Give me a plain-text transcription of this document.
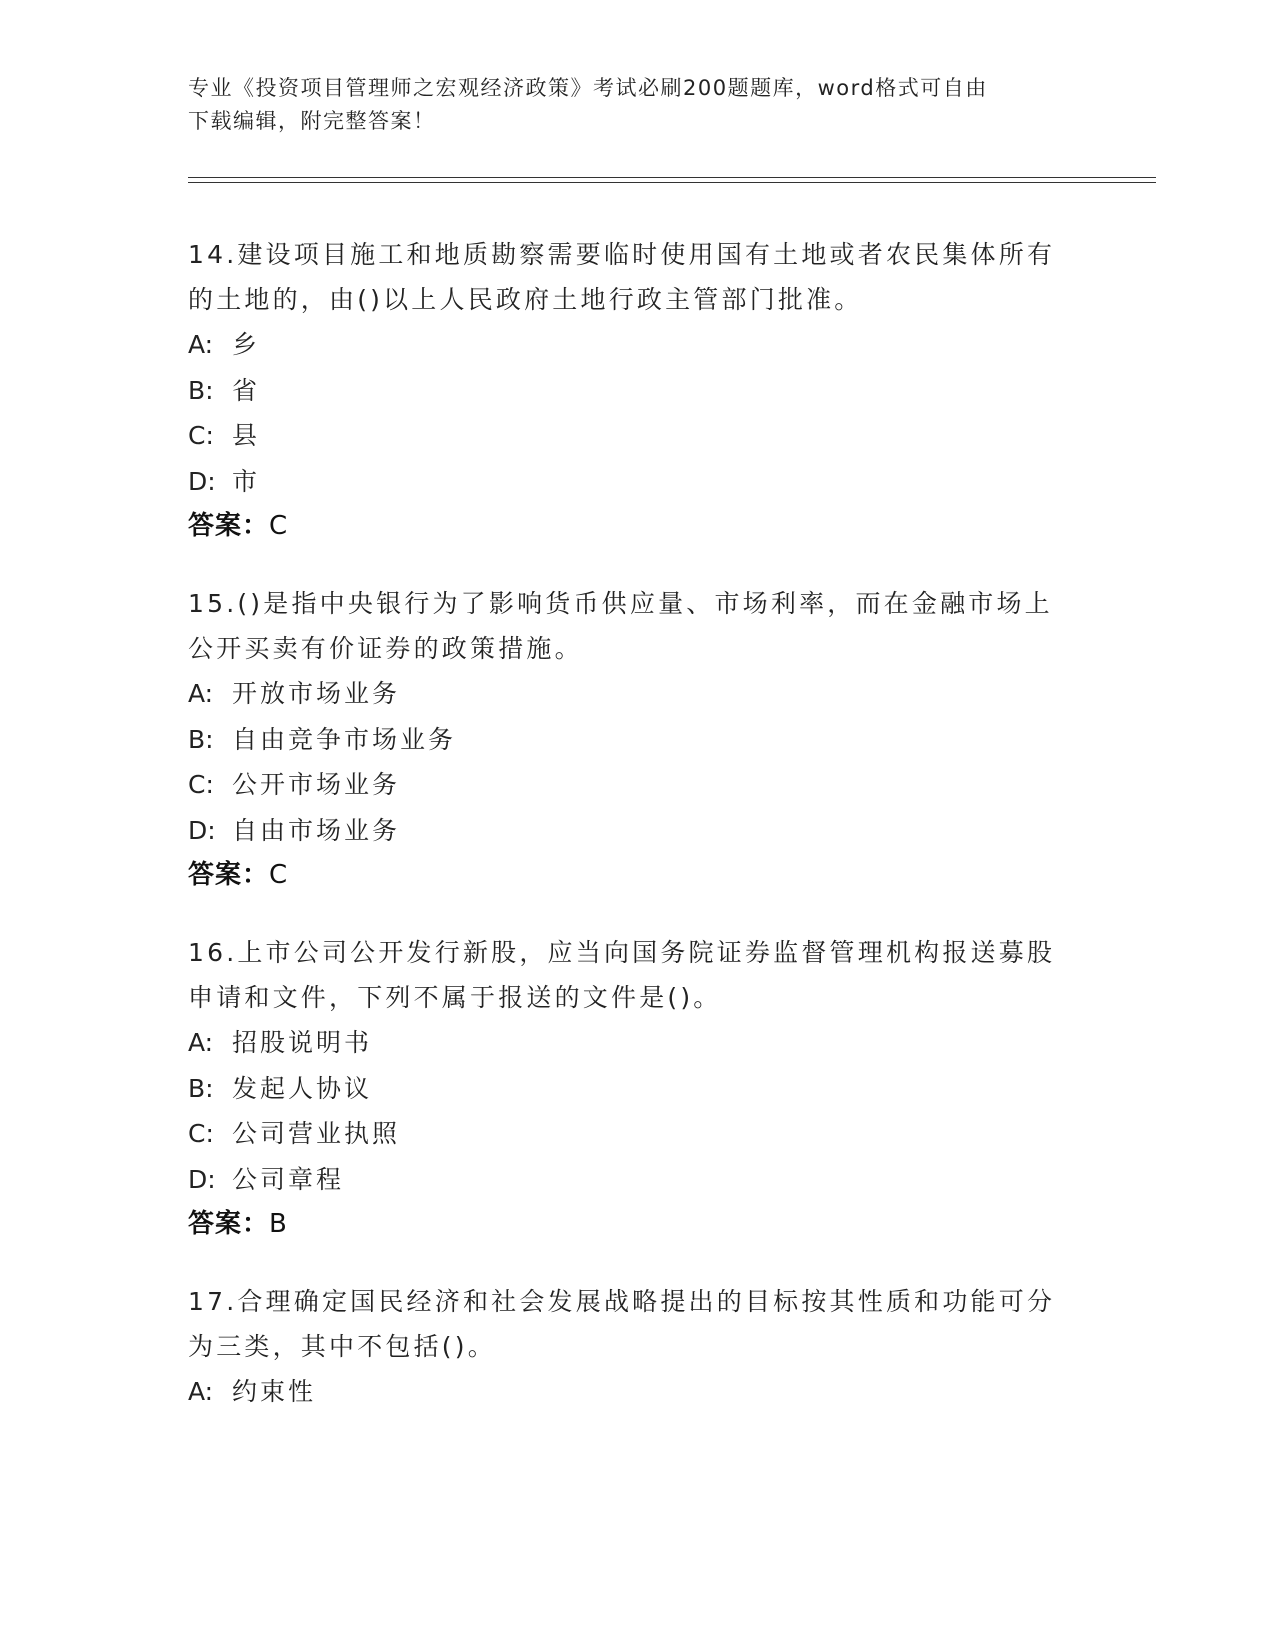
专业《投资项目管理师之宏观经济政策》考试必刷200题题库，word格式可自由
下载编辑，附完整答案！

14.建设项目施工和地质勘察需要临时使用国有土地或者农民集体所有

的土地的，由()以上人民政府土地行政主管部门批准。

A: 乡

B: 省

C: 县

D: 市

答案：C

15.()是指中央银行为了影响货币供应量、市场利率，而在金融市场上

公开买卖有价证券的政策措施。

A: 开放市场业务

B: 自由竞争市场业务

C: 公开市场业务

D: 自由市场业务

答案：C

16.上市公司公开发行新股，应当向国务院证券监督管理机构报送募股

申请和文件，下列不属于报送的文件是()。

A: 招股说明书

B: 发起人协议

C: 公司营业执照

D: 公司章程

答案：B

17.合理确定国民经济和社会发展战略提出的目标按其性质和功能可分

为三类，其中不包括()。

A: 约束性
